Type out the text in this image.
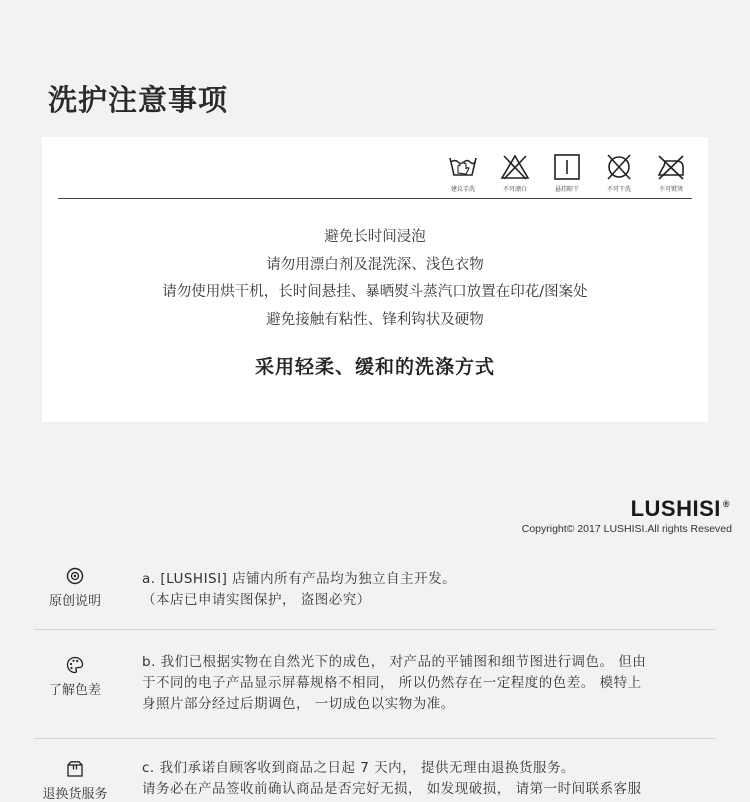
洗护注意事项
建议手洗	不可漂白	悬挂晾干	不可干洗	不可熨烫
避免长时间浸泡
请勿用漂白剂及混洗深、浅色衣物
请勿使用烘干机，长时间悬挂、暴晒熨斗蒸汽口放置在印花/图案处
避免接触有粘性、锋利钩状及硬物
采用轻柔、缓和的洗涤方式
LUSHISI ®
Copyright© 2017 LUSHISI.All rights Reseved
原创说明
a. [LUSHISI] 店铺内所有产品均为独立自主开发。
（本店已申请实图保护， 盗图必究）
了解色差
b. 我们已根据实物在自然光下的成色， 对产品的平铺图和细节图进行调色。 但由
于不同的电子产品显示屏幕规格不相同， 所以仍然存在一定程度的色差。 模特上
身照片部分经过后期调色， 一切成色以实物为准。
退换货服务
c. 我们承诺自顾客收到商品之日起 7 天内， 提供无理由退换货服务。
请务必在产品签收前确认商品是否完好无损， 如发现破损， 请第一时间联系客服
